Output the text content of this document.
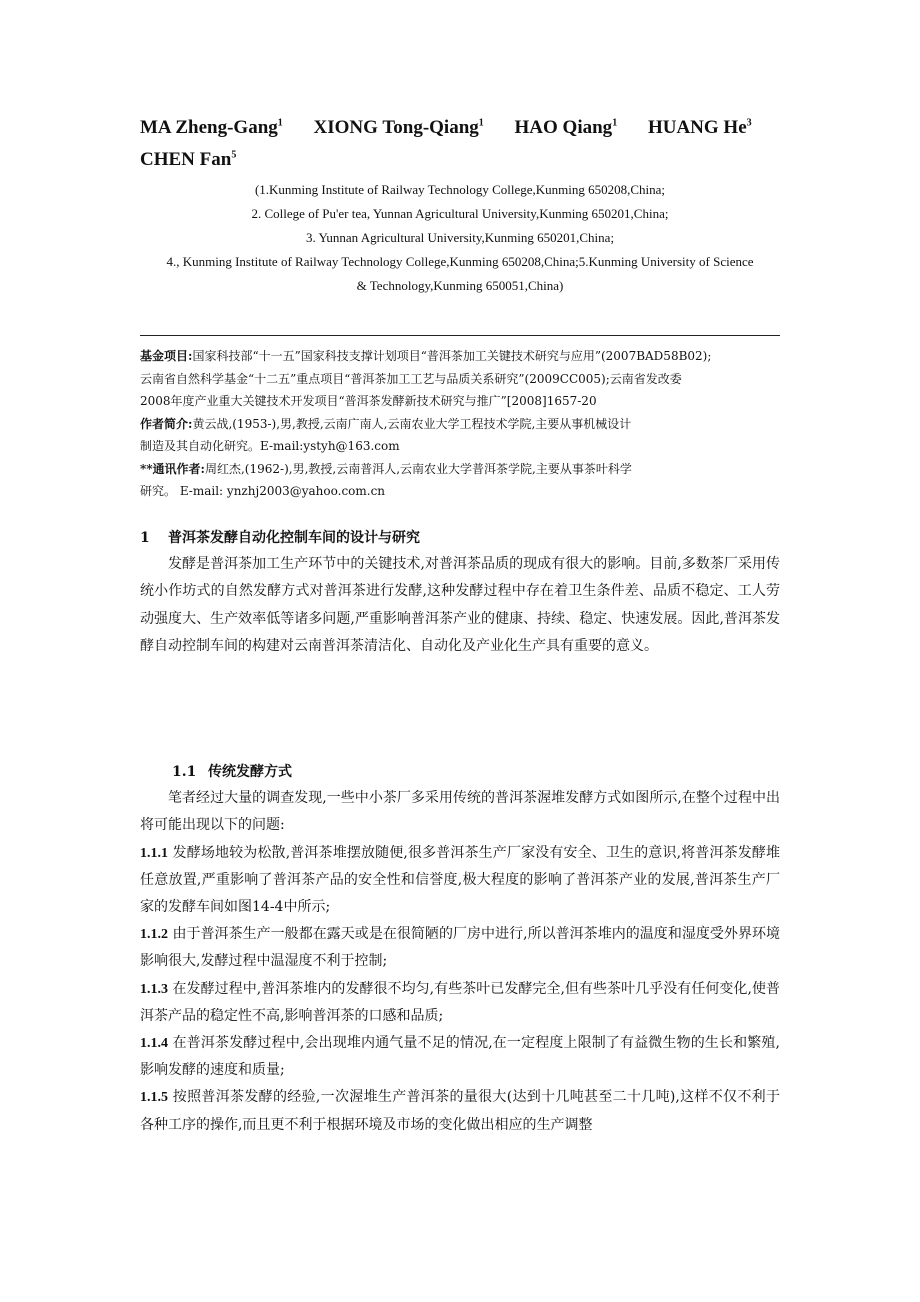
MA Zheng-Gang$^1$ XIONG Tong-Qiang$^1$ HAO Qiang$^1$ HUANG He$^3$
CHEN Fan$^5$
(1.Kunming Institute of Railway Technology College,Kunming 650208,China;
2. College of Pu'er tea, Yunnan Agricultural University,Kunming 650201,China;
3. Yunnan Agricultural University,Kunming 650201,China;
4., Kunming Institute of Railway Technology College,Kunming 650208,China;5.Kunming University of Science
& Technology,Kunming 650051,China)
基金项目:国家科技部“十一五”国家科技支撑计划项目“普洱茶加工关键技术研究与应用”(2007BAD58B02);
云南省自然科学基金“十二五”重点项目“普洱茶加工工艺与品质关系研究”(2009CC005);云南省发改委
2008年度产业重大关键技术开发项目“普洱茶发酵新技术研究与推广”[2008]1657-20
作者简介:黄云战,(1953-),男,教授,云南广南人,云南农业大学工程技术学院,主要从事机械设计
制造及其自动化研究。E-mail:ystyh@163.com
**通讯作者:周红杰,(1962-),男,教授,云南普洱人,云南农业大学普洱茶学院,主要从事茶叶科学
研究。 E-mail: ynzhj2003@yahoo.com.cn
1 普洱茶发酵自动化控制车间的设计与研究
发酵是普洱茶加工生产环节中的关键技术,对普洱茶品质的现成有很大的影响。目前,多数茶厂采用传统小作坊式的自然发酵方式对普洱茶进行发酵,这种发酵过程中存在着卫生条件差、品质不稳定、工人劳动强度大、生产效率低等诸多问题,严重影响普洱茶产业的健康、持续、稳定、快速发展。因此,普洱茶发酵自动控制车间的构建对云南普洱茶清洁化、自动化及产业化生产具有重要的意义。
1.1 传统发酵方式
笔者经过大量的调查发现,一些中小茶厂多采用传统的普洱茶渥堆发酵方式如图所示,在整个过程中出将可能出现以下的问题:
1.1.1 发酵场地较为松散,普洱茶堆摆放随便,很多普洱茶生产厂家没有安全、卫生的意识,将普洱茶发酵堆任意放置,严重影响了普洱茶产品的安全性和信誉度,极大程度的影响了普洱茶产业的发展,普洱茶生产厂家的发酵车间如图14-4中所示;
1.1.2 由于普洱茶生产一般都在露天或是在很简陋的厂房中进行,所以普洱茶堆内的温度和湿度受外界环境影响很大,发酵过程中温湿度不利于控制;
1.1.3 在发酵过程中,普洱茶堆内的发酵很不均匀,有些茶叶已发酵完全,但有些茶叶几乎没有任何变化,使普洱茶产品的稳定性不高,影响普洱茶的口感和品质;
1.1.4 在普洱茶发酵过程中,会出现堆内通气量不足的情况,在一定程度上限制了有益微生物的生长和繁殖,影响发酵的速度和质量;
1.1.5 按照普洱茶发酵的经验,一次渥堆生产普洱茶的量很大(达到十几吨甚至二十几吨),这样不仅不利于各种工序的操作,而且更不利于根据环境及市场的变化做出相应的生产调整
